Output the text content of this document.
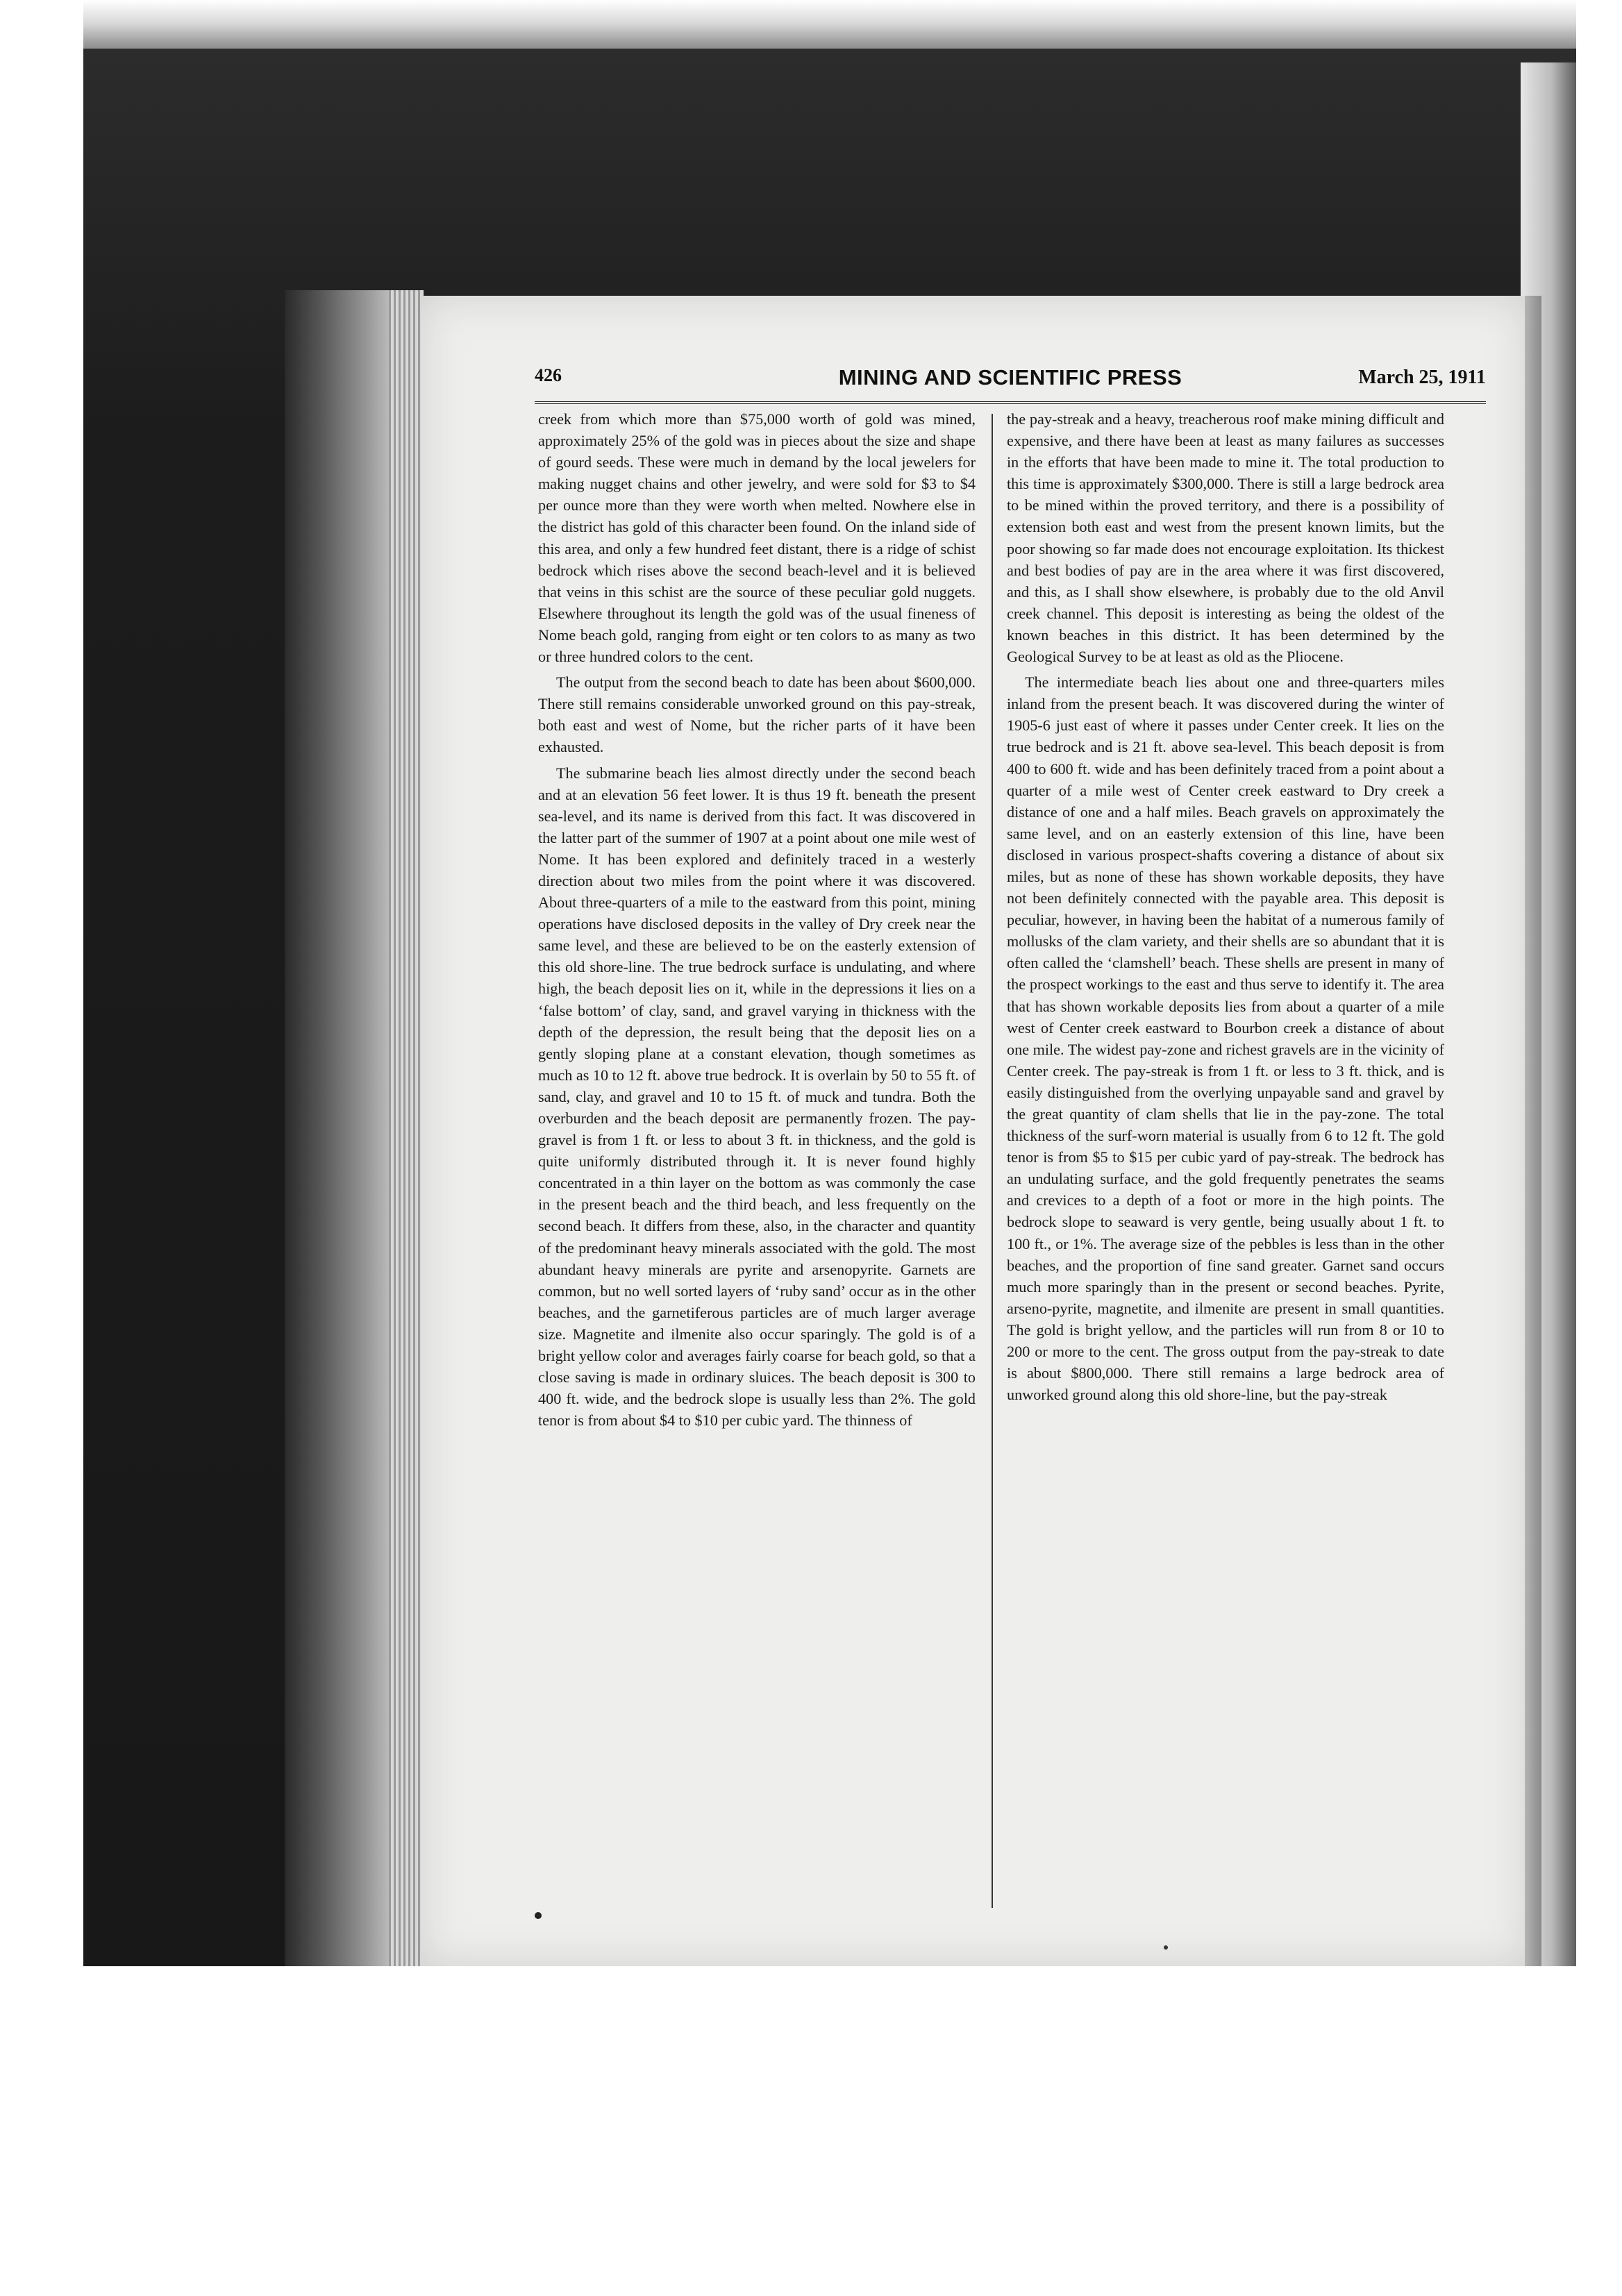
426	MINING AND SCIENTIFIC PRESS	March 25, 1911

creek from which more than $75,000 worth of gold was mined, approximately 25% of the gold was in pieces about the size and shape of gourd seeds. These were much in demand by the local jewelers for making nugget chains and other jewelry, and were sold for $3 to $4 per ounce more than they were worth when melted. Nowhere else in the district has gold of this character been found. On the inland side of this area, and only a few hundred feet distant, there is a ridge of schist bedrock which rises above the second beach-level and it is believed that veins in this schist are the source of these peculiar gold nuggets. Elsewhere throughout its length the gold was of the usual fineness of Nome beach gold, ranging from eight or ten colors to as many as two or three hundred colors to the cent.

The output from the second beach to date has been about $600,000. There still remains considerable unworked ground on this pay-streak, both east and west of Nome, but the richer parts of it have been exhausted.

The submarine beach lies almost directly under the second beach and at an elevation 56 feet lower. It is thus 19 ft. beneath the present sea-level, and its name is derived from this fact. It was discovered in the latter part of the summer of 1907 at a point about one mile west of Nome. It has been explored and definitely traced in a westerly direction about two miles from the point where it was discovered. About three-quarters of a mile to the eastward from this point, mining operations have disclosed deposits in the valley of Dry creek near the same level, and these are believed to be on the easterly extension of this old shore-line. The true bedrock surface is undulating, and where high, the beach deposit lies on it, while in the depressions it lies on a ‘false bottom’ of clay, sand, and gravel varying in thickness with the depth of the depression, the result being that the deposit lies on a gently sloping plane at a constant elevation, though sometimes as much as 10 to 12 ft. above true bedrock. It is overlain by 50 to 55 ft. of sand, clay, and gravel and 10 to 15 ft. of muck and tundra. Both the overburden and the beach deposit are permanently frozen. The pay-gravel is from 1 ft. or less to about 3 ft. in thickness, and the gold is quite uniformly distributed through it. It is never found highly concentrated in a thin layer on the bottom as was commonly the case in the present beach and the third beach, and less frequently on the second beach. It differs from these, also, in the character and quantity of the predominant heavy minerals associated with the gold. The most abundant heavy minerals are pyrite and arsenopyrite. Garnets are common, but no well sorted layers of ‘ruby sand’ occur as in the other beaches, and the garnetiferous particles are of much larger average size. Magnetite and ilmenite also occur sparingly. The gold is of a bright yellow color and averages fairly coarse for beach gold, so that a close saving is made in ordinary sluices. The beach deposit is 300 to 400 ft. wide, and the bedrock slope is usually less than 2%. The gold tenor is from about $4 to $10 per cubic yard. The thinness of

the pay-streak and a heavy, treacherous roof make mining difficult and expensive, and there have been at least as many failures as successes in the efforts that have been made to mine it. The total production to this time is approximately $300,000. There is still a large bedrock area to be mined within the proved territory, and there is a possibility of extension both east and west from the present known limits, but the poor showing so far made does not encourage exploitation. Its thickest and best bodies of pay are in the area where it was first discovered, and this, as I shall show elsewhere, is probably due to the old Anvil creek channel. This deposit is interesting as being the oldest of the known beaches in this district. It has been determined by the Geological Survey to be at least as old as the Pliocene.

The intermediate beach lies about one and three-quarters miles inland from the present beach. It was discovered during the winter of 1905-6 just east of where it passes under Center creek. It lies on the true bedrock and is 21 ft. above sea-level. This beach deposit is from 400 to 600 ft. wide and has been definitely traced from a point about a quarter of a mile west of Center creek eastward to Dry creek a distance of one and a half miles. Beach gravels on approximately the same level, and on an easterly extension of this line, have been disclosed in various prospect-shafts covering a distance of about six miles, but as none of these has shown workable deposits, they have not been definitely connected with the payable area. This deposit is peculiar, however, in having been the habitat of a numerous family of mollusks of the clam variety, and their shells are so abundant that it is often called the ‘clamshell’ beach. These shells are present in many of the prospect workings to the east and thus serve to identify it. The area that has shown workable deposits lies from about a quarter of a mile west of Center creek eastward to Bourbon creek a distance of about one mile. The widest pay-zone and richest gravels are in the vicinity of Center creek. The pay-streak is from 1 ft. or less to 3 ft. thick, and is easily distinguished from the overlying unpayable sand and gravel by the great quantity of clam shells that lie in the pay-zone. The total thickness of the surf-worn material is usually from 6 to 12 ft. The gold tenor is from $5 to $15 per cubic yard of pay-streak. The bedrock has an undulating surface, and the gold frequently penetrates the seams and crevices to a depth of a foot or more in the high points. The bedrock slope to seaward is very gentle, being usually about 1 ft. to 100 ft., or 1%. The average size of the pebbles is less than in the other beaches, and the proportion of fine sand greater. Garnet sand occurs much more sparingly than in the present or second beaches. Pyrite, arseno-pyrite, magnetite, and ilmenite are present in small quantities. The gold is bright yellow, and the particles will run from 8 or 10 to 200 or more to the cent. The gross output from the pay-streak to date is about $800,000. There still remains a large bedrock area of unworked ground along this old shore-line, but the pay-streak
